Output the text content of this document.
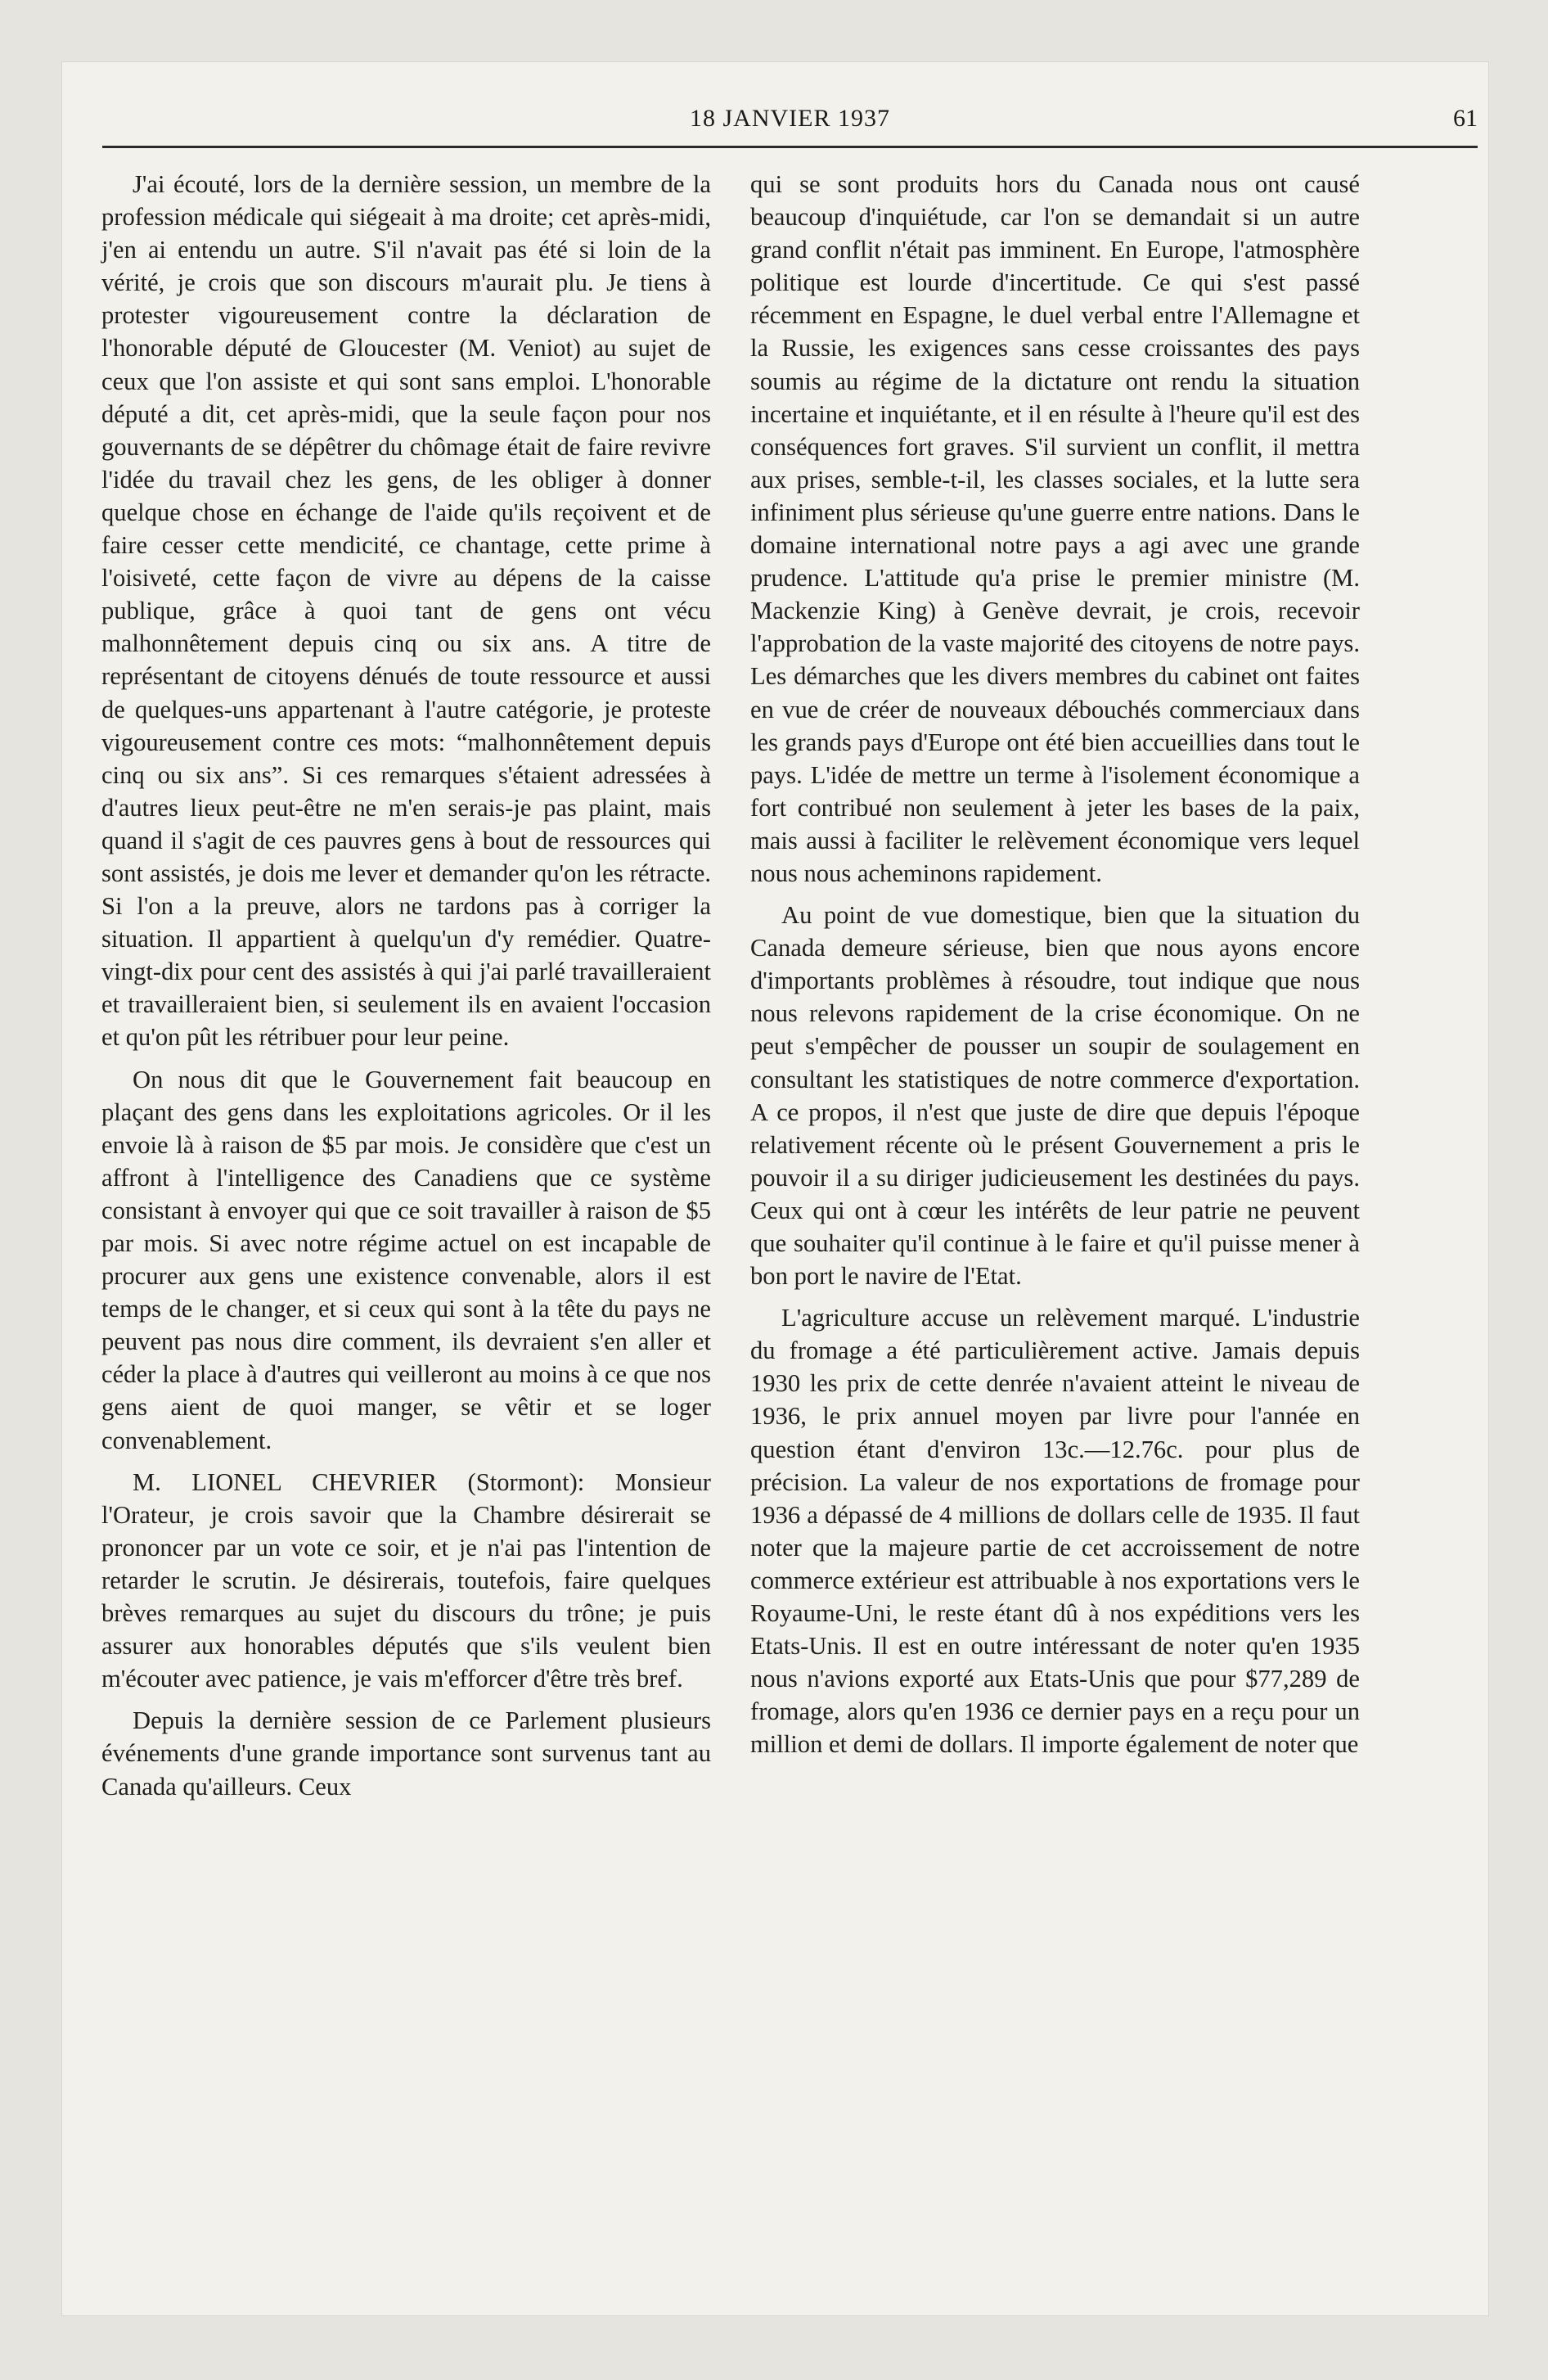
18 JANVIER 1937	61

J'ai écouté, lors de la dernière session, un membre de la profession médicale qui siégeait à ma droite; cet après-midi, j'en ai entendu un autre. S'il n'avait pas été si loin de la vérité, je crois que son discours m'aurait plu. Je tiens à protester vigoureusement contre la déclaration de l'honorable député de Gloucester (M. Veniot) au sujet de ceux que l'on assiste et qui sont sans emploi. L'honorable député a dit, cet après-midi, que la seule façon pour nos gouvernants de se dépêtrer du chômage était de faire revivre l'idée du travail chez les gens, de les obliger à donner quelque chose en échange de l'aide qu'ils reçoivent et de faire cesser cette mendicité, ce chantage, cette prime à l'oisiveté, cette façon de vivre au dépens de la caisse publique, grâce à quoi tant de gens ont vécu malhonnêtement depuis cinq ou six ans. A titre de représentant de citoyens dénués de toute ressource et aussi de quelques-uns appartenant à l'autre catégorie, je proteste vigoureusement contre ces mots: “malhonnêtement depuis cinq ou six ans”. Si ces remarques s'étaient adressées à d'autres lieux peut-être ne m'en serais-je pas plaint, mais quand il s'agit de ces pauvres gens à bout de ressources qui sont assistés, je dois me lever et demander qu'on les rétracte. Si l'on a la preuve, alors ne tardons pas à corriger la situation. Il appartient à quelqu'un d'y remédier. Quatre-vingt-dix pour cent des assistés à qui j'ai parlé travailleraient et travailleraient bien, si seulement ils en avaient l'occasion et qu'on pût les rétribuer pour leur peine.

On nous dit que le Gouvernement fait beaucoup en plaçant des gens dans les exploitations agricoles. Or il les envoie là à raison de $5 par mois. Je considère que c'est un affront à l'intelligence des Canadiens que ce système consistant à envoyer qui que ce soit travailler à raison de $5 par mois. Si avec notre régime actuel on est incapable de procurer aux gens une existence convenable, alors il est temps de le changer, et si ceux qui sont à la tête du pays ne peuvent pas nous dire comment, ils devraient s'en aller et céder la place à d'autres qui veilleront au moins à ce que nos gens aient de quoi manger, se vêtir et se loger convenablement.

M. LIONEL CHEVRIER (Stormont): Monsieur l'Orateur, je crois savoir que la Chambre désirerait se prononcer par un vote ce soir, et je n'ai pas l'intention de retarder le scrutin. Je désirerais, toutefois, faire quelques brèves remarques au sujet du discours du trône; je puis assurer aux honorables députés que s'ils veulent bien m'écouter avec patience, je vais m'efforcer d'être très bref.

Depuis la dernière session de ce Parlement plusieurs événements d'une grande importance sont survenus tant au Canada qu'ailleurs. Ceux

qui se sont produits hors du Canada nous ont causé beaucoup d'inquiétude, car l'on se demandait si un autre grand conflit n'était pas imminent. En Europe, l'atmosphère politique est lourde d'incertitude. Ce qui s'est passé récemment en Espagne, le duel verbal entre l'Allemagne et la Russie, les exigences sans cesse croissantes des pays soumis au régime de la dictature ont rendu la situation incertaine et inquiétante, et il en résulte à l'heure qu'il est des conséquences fort graves. S'il survient un conflit, il mettra aux prises, semble-t-il, les classes sociales, et la lutte sera infiniment plus sérieuse qu'une guerre entre nations. Dans le domaine international notre pays a agi avec une grande prudence. L'attitude qu'a prise le premier ministre (M. Mackenzie King) à Genève devrait, je crois, recevoir l'approbation de la vaste majorité des citoyens de notre pays. Les démarches que les divers membres du cabinet ont faites en vue de créer de nouveaux débouchés commerciaux dans les grands pays d'Europe ont été bien accueillies dans tout le pays. L'idée de mettre un terme à l'isolement économique a fort contribué non seulement à jeter les bases de la paix, mais aussi à faciliter le relèvement économique vers lequel nous nous acheminons rapidement.

Au point de vue domestique, bien que la situation du Canada demeure sérieuse, bien que nous ayons encore d'importants problèmes à résoudre, tout indique que nous nous relevons rapidement de la crise économique. On ne peut s'empêcher de pousser un soupir de soulagement en consultant les statistiques de notre commerce d'exportation. A ce propos, il n'est que juste de dire que depuis l'époque relativement récente où le présent Gouvernement a pris le pouvoir il a su diriger judicieusement les destinées du pays. Ceux qui ont à cœur les intérêts de leur patrie ne peuvent que souhaiter qu'il continue à le faire et qu'il puisse mener à bon port le navire de l'Etat.

L'agriculture accuse un relèvement marqué. L'industrie du fromage a été particulièrement active. Jamais depuis 1930 les prix de cette denrée n'avaient atteint le niveau de 1936, le prix annuel moyen par livre pour l'année en question étant d'environ 13c.—12.76c. pour plus de précision. La valeur de nos exportations de fromage pour 1936 a dépassé de 4 millions de dollars celle de 1935. Il faut noter que la majeure partie de cet accroissement de notre commerce extérieur est attribuable à nos exportations vers le Royaume-Uni, le reste étant dû à nos expéditions vers les Etats-Unis. Il est en outre intéressant de noter qu'en 1935 nous n'avions exporté aux Etats-Unis que pour $77,289 de fromage, alors qu'en 1936 ce dernier pays en a reçu pour un million et demi de dollars. Il importe également de noter que
